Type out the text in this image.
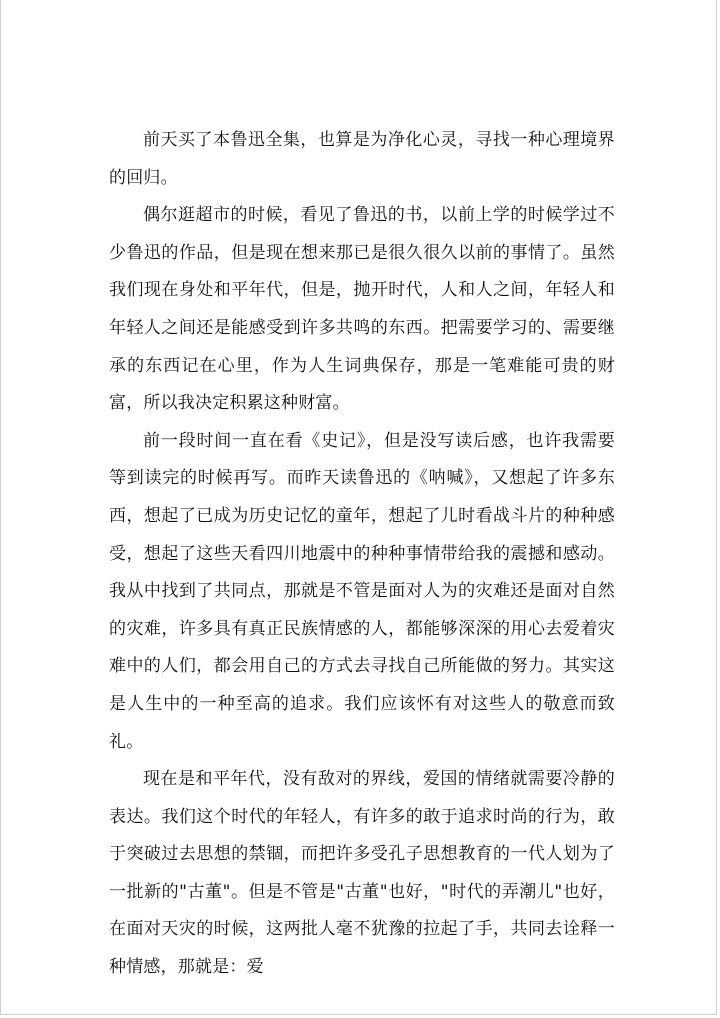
前天买了本鲁迅全集，也算是为净化心灵，寻找一种心理境界的回归。

偶尔逛超市的时候，看见了鲁迅的书，以前上学的时候学过不少鲁迅的作品，但是现在想来那已是很久很久以前的事情了。虽然我们现在身处和平年代，但是，抛开时代，人和人之间，年轻人和年轻人之间还是能感受到许多共鸣的东西。把需要学习的、需要继承的东西记在心里，作为人生词典保存，那是一笔难能可贵的财富，所以我决定积累这种财富。

前一段时间一直在看《史记》，但是没写读后感，也许我需要等到读完的时候再写。而昨天读鲁迅的《呐喊》，又想起了许多东西，想起了已成为历史记忆的童年，想起了儿时看战斗片的种种感受，想起了这些天看四川地震中的种种事情带给我的震撼和感动。我从中找到了共同点，那就是不管是面对人为的灾难还是面对自然的灾难，许多具有真正民族情感的人，都能够深深的用心去爱着灾难中的人们，都会用自己的方式去寻找自己所能做的努力。其实这是人生中的一种至高的追求。我们应该怀有对这些人的敬意而致礼。

现在是和平年代，没有敌对的界线，爱国的情绪就需要冷静的表达。我们这个时代的年轻人，有许多的敢于追求时尚的行为，敢于突破过去思想的禁锢，而把许多受孔子思想教育的一代人划为了一批新的"古董"。但是不管是"古董"也好，"时代的弄潮儿"也好，在面对天灾的时候，这两批人毫不犹豫的拉起了手，共同去诠释一种情感，那就是：爱
